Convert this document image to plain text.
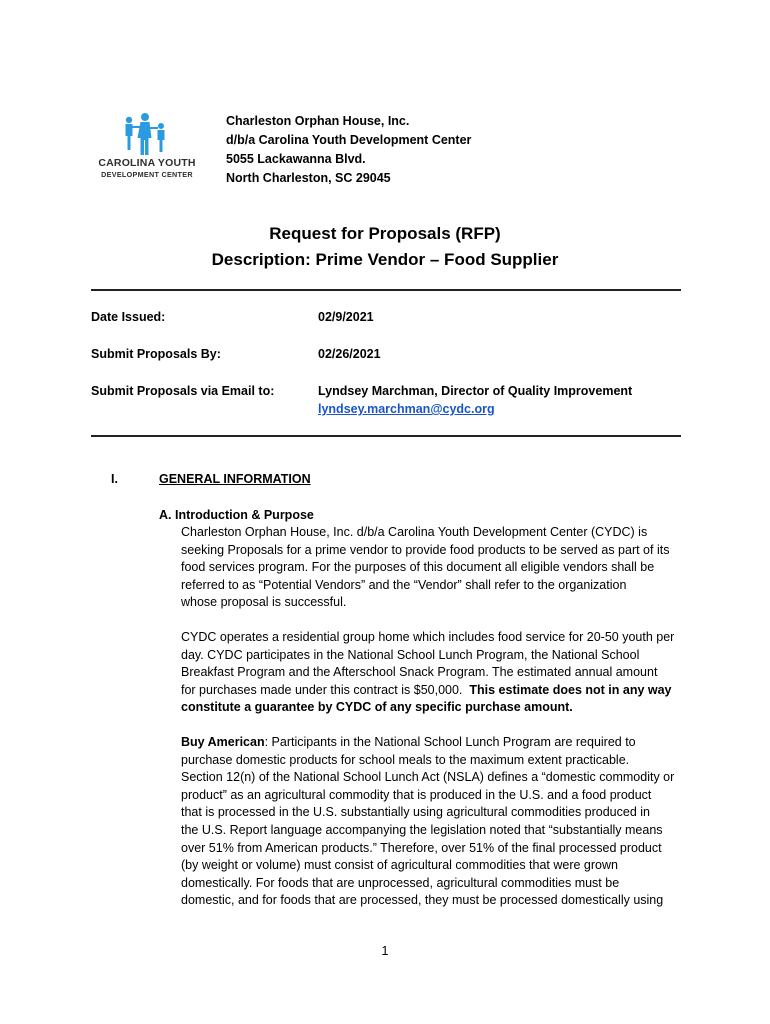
CAROLINA YOUTH
DEVELOPMENT CENTER
Charleston Orphan House, Inc.
d/b/a Carolina Youth Development Center
5055 Lackawanna Blvd.
North Charleston, SC 29045
Request for Proposals (RFP)
Description: Prime Vendor – Food Supplier
Date Issued:	02/9/2021
Submit Proposals By:	02/26/2021
Submit Proposals via Email to:	Lyndsey Marchman, Director of Quality Improvement
lyndsey.marchman@cydc.org
I.	GENERAL INFORMATION
A. Introduction & Purpose

Charleston Orphan House, Inc. d/b/a Carolina Youth Development Center (CYDC) is

seeking Proposals for a prime vendor to provide food products to be served as part of its

food services program. For the purposes of this document all eligible vendors shall be

referred to as “Potential Vendors” and the “Vendor” shall refer to the organization

whose proposal is successful.

CYDC operates a residential group home which includes food service for 20-50 youth per

day. CYDC participates in the National School Lunch Program, the National School

Breakfast Program and the Afterschool Snack Program. The estimated annual amount

for purchases made under this contract is $50,000. This estimate does not in any way

constitute a guarantee by CYDC of any specific purchase amount.

Buy American: Participants in the National School Lunch Program are required to

purchase domestic products for school meals to the maximum extent practicable.

Section 12(n) of the National School Lunch Act (NSLA) defines a “domestic commodity or

product” as an agricultural commodity that is produced in the U.S. and a food product

that is processed in the U.S. substantially using agricultural commodities produced in

the U.S. Report language accompanying the legislation noted that “substantially means

over 51% from American products.” Therefore, over 51% of the final processed product

(by weight or volume) must consist of agricultural commodities that were grown

domestically. For foods that are unprocessed, agricultural commodities must be

domestic, and for foods that are processed, they must be processed domestically using

1
